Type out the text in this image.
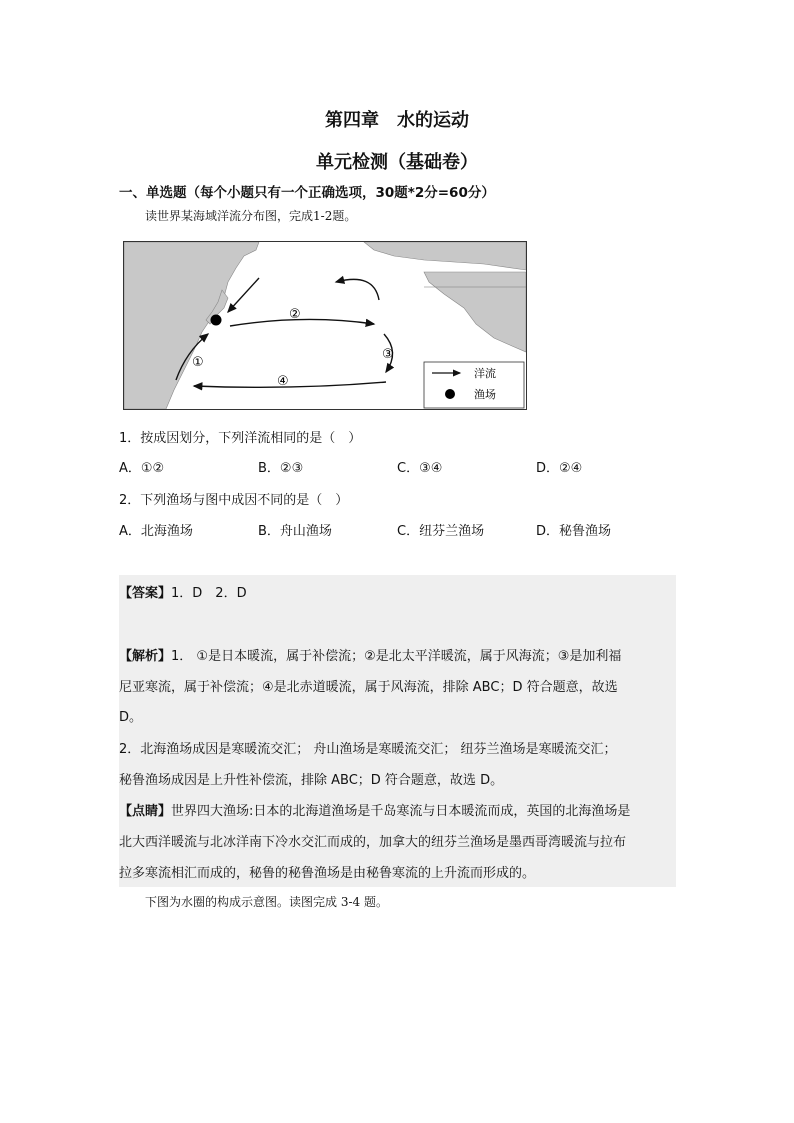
第四章　水的运动
单元检测（基础卷）
一、单选题（每个小题只有一个正确选项，30题*2分=60分）
读世界某海域洋流分布图，完成1-2题。
①
②
③
④
洋流
渔场
1．按成因划分，下列洋流相同的是（　）
A．①②	B．②③	C．③④	D．②④
2．下列渔场与图中成因不同的是（　）
A．北海渔场	B．舟山渔场	C．纽芬兰渔场	D．秘鲁渔场
【答案】1．D　2．D
【解析】1． ①是日本暖流，属于补偿流；②是北太平洋暖流，属于风海流；③是加利福
尼亚寒流，属于补偿流；④是北赤道暖流，属于风海流，排除 ABC；D 符合题意，故选
D。
2．北海渔场成因是寒暖流交汇； 舟山渔场是寒暖流交汇； 纽芬兰渔场是寒暖流交汇；
秘鲁渔场成因是上升性补偿流，排除 ABC；D 符合题意，故选 D。
【点睛】世界四大渔场:日本的北海道渔场是千岛寒流与日本暖流而成，英国的北海渔场是
北大西洋暖流与北冰洋南下冷水交汇而成的，加拿大的纽芬兰渔场是墨西哥湾暖流与拉布
拉多寒流相汇而成的，秘鲁的秘鲁渔场是由秘鲁寒流的上升流而形成的。
下图为水圈的构成示意图。读图完成 3-4 题。
